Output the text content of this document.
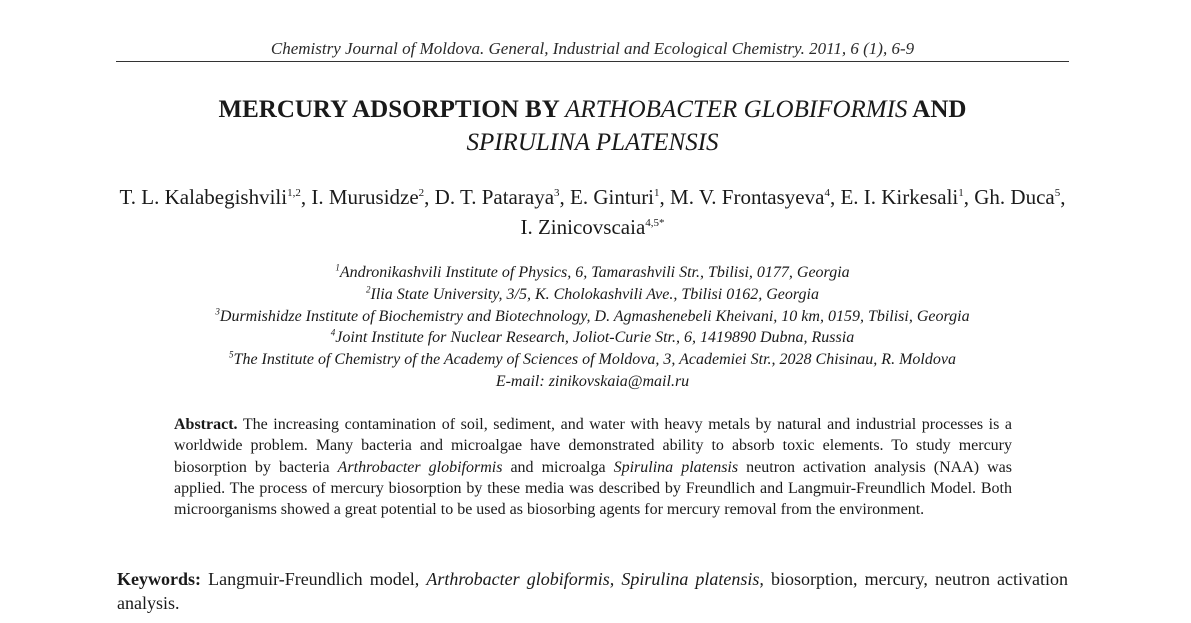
Chemistry Journal of Moldova. General, Industrial and Ecological Chemistry. 2011, 6 (1), 6-9
MERCURY ADSORPTION BY ARTHOBACTER GLOBIFORMIS AND
SPIRULINA PLATENSIS
T. L. Kalabegishvili$^{1,2}$, I. Murusidze$^2$, D. T. Pataraya$^3$, E. Ginturi$^1$, M. V. Frontasyeva$^4$, E. I. Kirkesali$^1$, Gh. Duca$^5$, I. Zinicovscaia$^{4,5*}$
$^1$Andronikashvili Institute of Physics, 6, Tamarashvili Str., Tbilisi, 0177, Georgia
$^2$Ilia State University, 3/5, K. Cholokashvili Ave., Tbilisi 0162, Georgia
$^3$Durmishidze Institute of Biochemistry and Biotechnology, D. Agmashenebeli Kheivani, 10 km, 0159, Tbilisi, Georgia
$^4$Joint Institute for Nuclear Research, Joliot-Curie Str., 6, 1419890 Dubna, Russia
$^5$The Institute of Chemistry of the Academy of Sciences of Moldova, 3, Academiei Str., 2028 Chisinau, R. Moldova
E-mail: zinikovskaia@mail.ru
Abstract. The increasing contamination of soil, sediment, and water with heavy metals by natural and industrial processes is a worldwide problem. Many bacteria and microalgae have demonstrated ability to absorb toxic elements. To study mercury biosorption by bacteria Arthrobacter globiformis and microalga Spirulina platensis neutron activation analysis (NAA) was applied. The process of mercury biosorption by these media was described by Freundlich and Langmuir-Freundlich Model. Both microorganisms showed a great potential to be used as biosorbing agents for mercury removal from the environment.
Keywords: Langmuir-Freundlich model, Arthrobacter globiformis, Spirulina platensis, biosorption, mercury, neutron activation analysis.
